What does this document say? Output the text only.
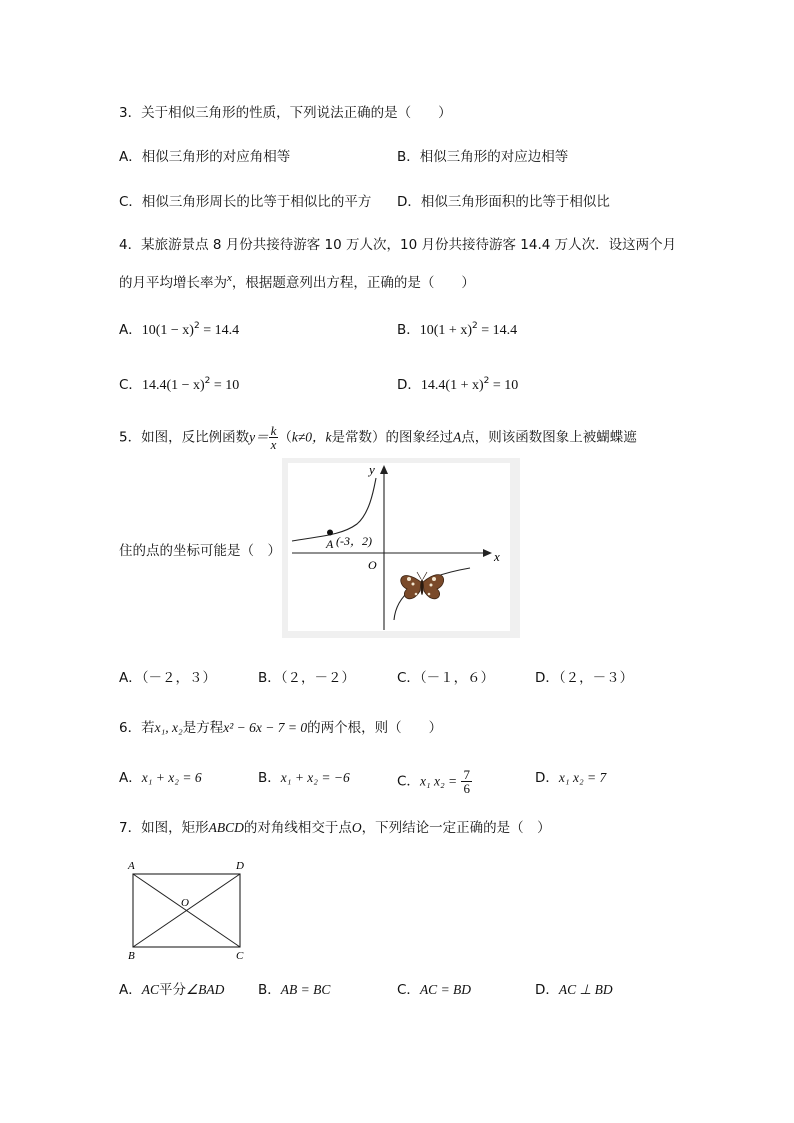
3．关于相似三角形的性质，下列说法正确的是（　　）
A．相似三角形的对应角相等	B．相似三角形的对应边相等
C．相似三角形周长的比等于相似比的平方 D．相似三角形面积的比等于相似比
4．某旅游景点 8 月份共接待游客 10 万人次，10 月份共接待游客 14.4 万人次．设这两个月
的月平均增长率为$^x$，根据题意列出方程，正确的是（　　）
A．$10(1 - x)^2 = 14.4$	B．$10(1 + x)^2 = 14.4$
C．$14.4(1 - x)^2 = 10$	D．$14.4(1 + x)^2 = 10$
5．如图，反比例函数$y= \frac{k}{x} (k\ne 0$，k是常数）的图象经过A点，则该函数图象上被蝴蝶遮
y
x
O
A (-3，2)
住的点的坐标可能是（　）
A．（－２，３）	B．（２，－２）	C．（－１，６）	D．（２，－３）
6．若x₁, x₂是方程x² − 6x − 7 = 0的两个根，则（　　）
A．x₁ + x₂ = 6	B．x₁ + x₂ = −6	C．x₁ $x_2 = \frac{7}{6}$	D．x₁ x₂ = 7
7．如图，矩形ABCD的对角线相交于点O，下列结论一定正确的是（　）
A	D
B	C
O
A．AC平分∠BAD B．AB = BC	C．AC = BD	D．AC ⊥ BD
